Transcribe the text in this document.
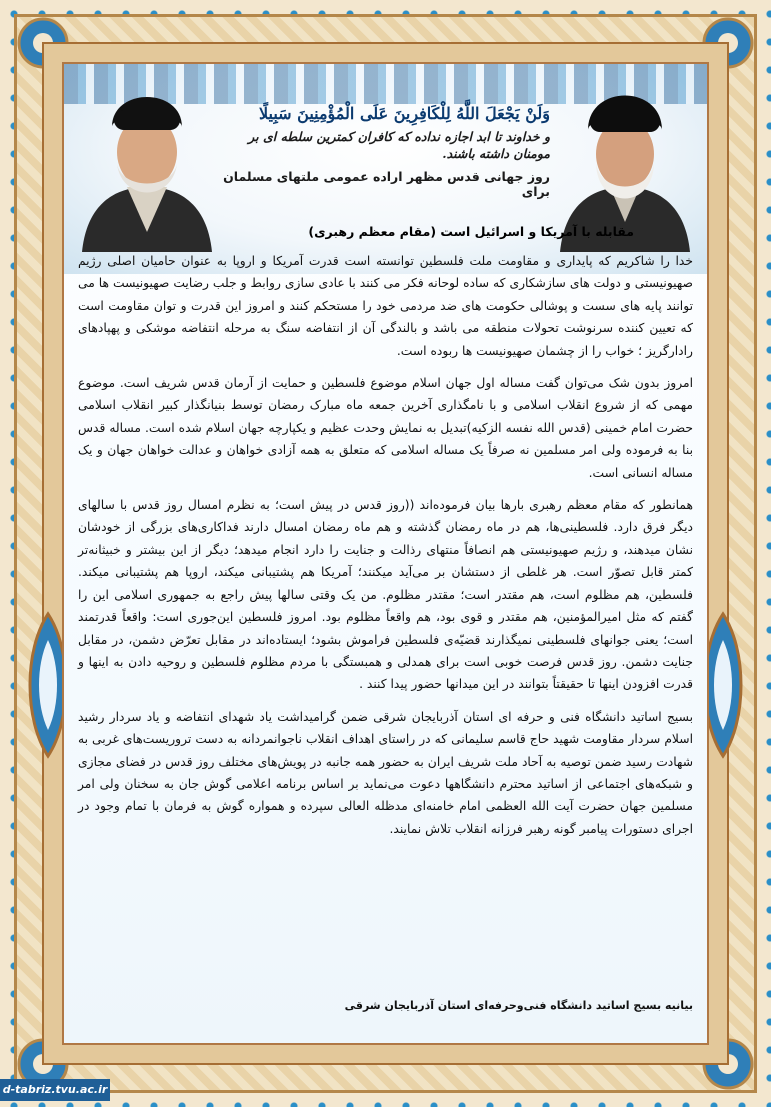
وَلَنْ يَجْعَلَ اللَّهُ لِلْكَافِرِينَ عَلَى الْمُؤْمِنِينَ سَبِيلًا
و خداوند تا ابد اجازه نداده که کافران کمترین سلطه ای بر مومنان داشته باشند.
روز جهانی قدس مظهر اراده عمومی ملتهای مسلمان برای
مقابله با آمریکا و اسرائیل است (مقام معظم رهبری)

خدا را شاکریم که پایداری و مقاومت ملت فلسطین توانسته است قدرت آمریکا و اروپا به عنوان حامیان اصلی رژیم صهیونیستی و دولت های سازشکاری که ساده لوحانه فکر می کنند با عادی سازی روابط و جلب رضایت صهیونیست ها می توانند پایه های سست و پوشالی حکومت های ضد مردمی خود را مستحکم کنند و امروز این قدرت و توان مقاومت است که تعیین کننده سرنوشت تحولات منطقه می باشد و بالندگی آن از انتفاضه سنگ به مرحله انتفاضه موشکی و پهپادهای رادارگریز ؛ خواب را از چشمان صهیونیست ها ربوده است.

امروز بدون شک می‌توان گفت مساله اول جهان اسلام موضوع فلسطین و حمایت از آرمان قدس شریف است. موضوع مهمی که از شروع انقلاب اسلامی و با نامگذاری آخرین جمعه ماه مبارک رمضان توسط بنیانگذار کبیر انقلاب اسلامی حضرت امام خمینی (قدس الله نفسه الزکیه)تبدیل به نمایش وحدت عظیم و یکپارچه جهان اسلام شده است. مساله قدس بنا به فرموده ولی امر مسلمین نه صرفاً یک مساله اسلامی که متعلق به همه آزادی خواهان و عدالت خواهان جهان و یک مساله انسانی است.

همانطور که مقام معظم رهبری بارها بیان فرموده‌اند ((روز قدس در پیش است؛ به نظرم امسال روز قدس با سالهای دیگر فرق دارد. فلسطینی‌ها، هم در ماه رمضان گذشته و هم ماه رمضان امسال دارند فداکاری‌های بزرگی از خودشان نشان میدهند، و رژیم صهیونیستی هم انصافاً منتهای رذالت و جنایت را دارد انجام میدهد؛ دیگر از این بیشتر و خبیثانه‌تر کمتر قابل تصوّر است. هر غلطی از دستشان بر می‌آید میکنند؛ آمریکا هم پشتیبانی میکند، اروپا هم پشتیبانی میکند. فلسطین، هم مظلوم است، هم مقتدر است؛ مقتدر مظلوم. من یک وقتی سالها پیش راجع به جمهوری اسلامی این را گفتم که مثل امیرالمؤمنین، هم مقتدر و قوی بود، هم واقعاً مظلوم بود. امروز فلسطین این‌جوری است: واقعاً قدرتمند است؛ یعنی جوانهای فلسطینی نمیگذارند قضیّه‌ی فلسطین فراموش بشود؛ ایستاده‌اند در مقابل تعرّض دشمن، در مقابل جنایت دشمن. روز قدس فرصت خوبی است برای همدلی و همبستگی با مردم مظلوم فلسطین و روحیه دادن به اینها و قدرت افزودن اینها تا حقیقتاً بتوانند در این میدانها حضور پیدا کنند .

بسیج اساتید دانشگاه فنی و حرفه ای استان آذربایجان شرقی ضمن گرامیداشت یاد شهدای انتفاضه و یاد سردار رشید اسلام سردار مقاومت شهید حاج قاسم سلیمانی که در راستای اهداف انقلاب ناجوانمردانه به دست تروریست‌های غربی به شهادت رسید ضمن توصیه به آحاد ملت شریف ایران به حضور همه جانبه در پویش‌های مختلف روز قدس در فضای مجازی و شبکه‌های اجتماعی از اساتید محترم دانشگاهها دعوت می‌نماید بر اساس برنامه اعلامی گوش جان به سخنان ولی امر مسلمین جهان حضرت آیت الله العظمی امام خامنه‌ای مدظله العالی سپرده و همواره گوش به فرمان با تمام وجود در اجرای دستورات پیامبر گونه رهبر فرزانه انقلاب تلاش نمایند.

بیانیه بسیج اساتید دانشگاه فنی‌وحرفه‌ای استان آذربایجان شرقی
d-tabriz.tvu.ac.ir
